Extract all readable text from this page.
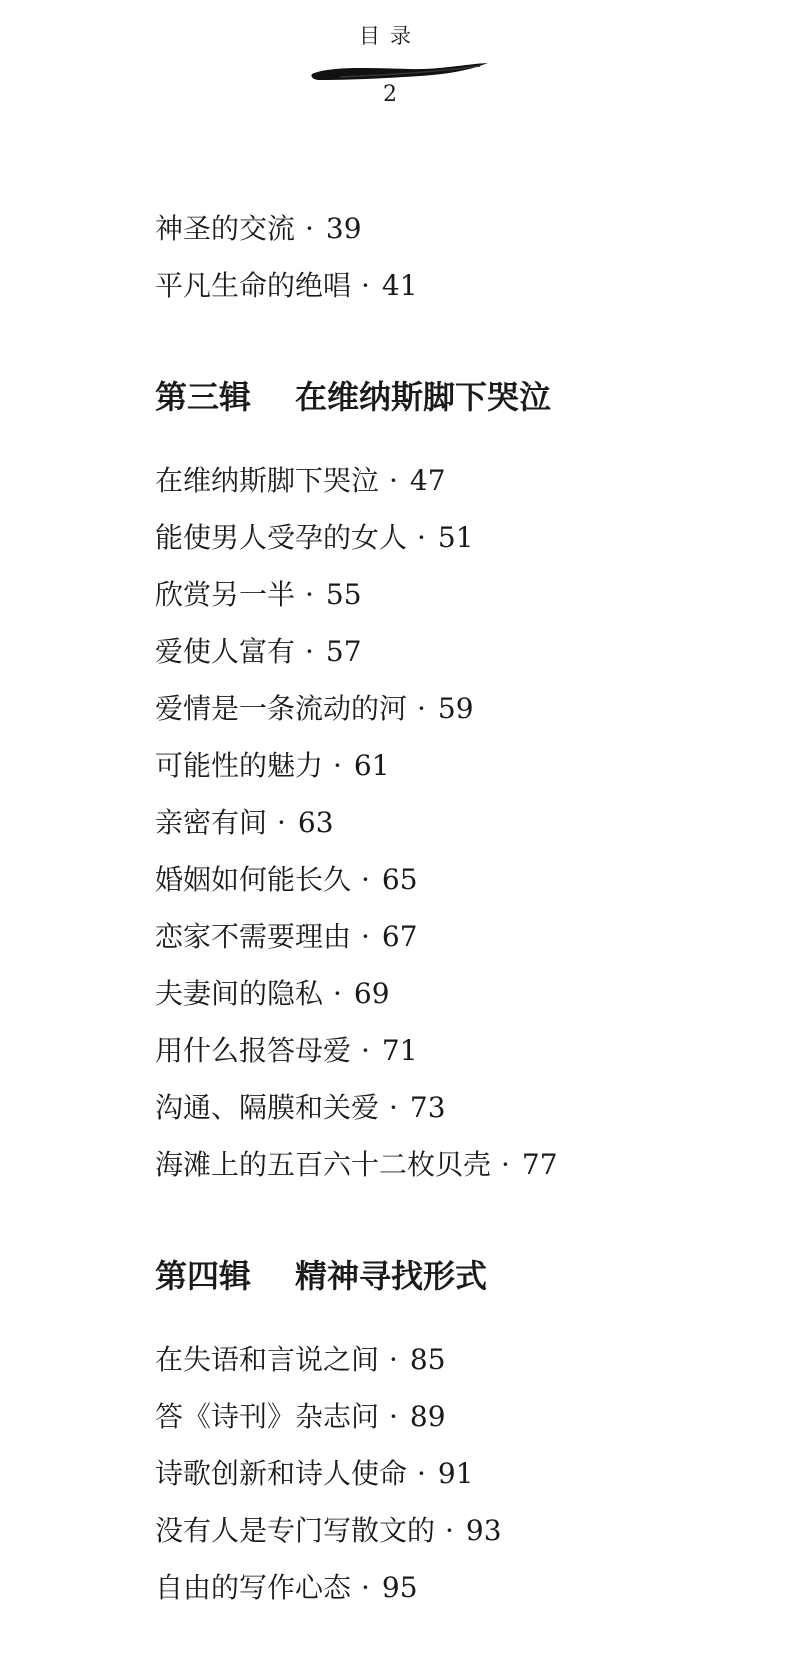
目录
2
神圣的交流 · 39
平凡生命的绝唱 · 41
第三辑 在维纳斯脚下哭泣
在维纳斯脚下哭泣 · 47
能使男人受孕的女人 · 51
欣赏另一半 · 55
爱使人富有 · 57
爱情是一条流动的河 · 59
可能性的魅力 · 61
亲密有间 · 63
婚姻如何能长久 · 65
恋家不需要理由 · 67
夫妻间的隐私 · 69
用什么报答母爱 · 71
沟通、隔膜和关爱 · 73
海滩上的五百六十二枚贝壳 · 77
第四辑 精神寻找形式
在失语和言说之间 · 85
答《诗刊》杂志问 · 89
诗歌创新和诗人使命 · 91
没有人是专门写散文的 · 93
自由的写作心态 · 95
